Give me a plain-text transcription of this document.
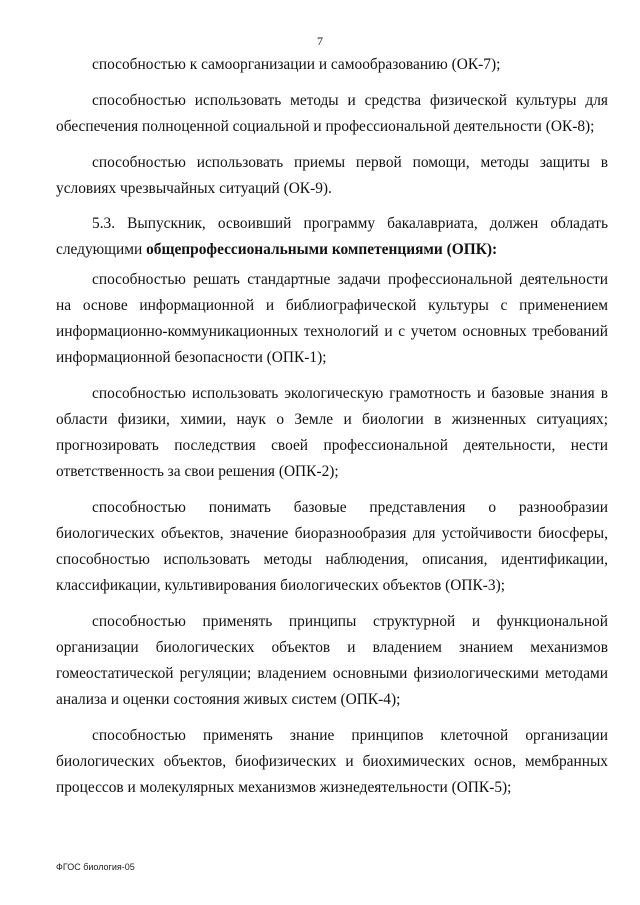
7

способностью к самоорганизации и самообразованию (ОК-7);

способностью использовать методы и средства физической культуры для обеспечения полноценной социальной и профессиональной деятельности (ОК-8);

способностью использовать приемы первой помощи, методы защиты в условиях чрезвычайных ситуаций (ОК-9).

5.3. Выпускник, освоивший программу бакалавриата, должен обладать следующими общепрофессиональными компетенциями (ОПК):

способностью решать стандартные задачи профессиональной деятельности на основе информационной и библиографической культуры с применением информационно-коммуникационных технологий и с учетом основных требований информационной безопасности (ОПК-1);

способностью использовать экологическую грамотность и базовые знания в области физики, химии, наук о Земле и биологии в жизненных ситуациях; прогнозировать последствия своей профессиональной деятельности, нести ответственность за свои решения (ОПК-2);

способностью понимать базовые представления о разнообразии биологических объектов, значение биоразнообразия для устойчивости биосферы, способностью использовать методы наблюдения, описания, идентификации, классификации, культивирования биологических объектов (ОПК-3);

способностью применять принципы структурной и функциональной организации биологических объектов и владением знанием механизмов гомеостатической регуляции; владением основными физиологическими методами анализа и оценки состояния живых систем (ОПК-4);

способностью применять знание принципов клеточной организации биологических объектов, биофизических и биохимических основ, мембранных процессов и молекулярных механизмов жизнедеятельности (ОПК-5);

ФГОС биология-05
